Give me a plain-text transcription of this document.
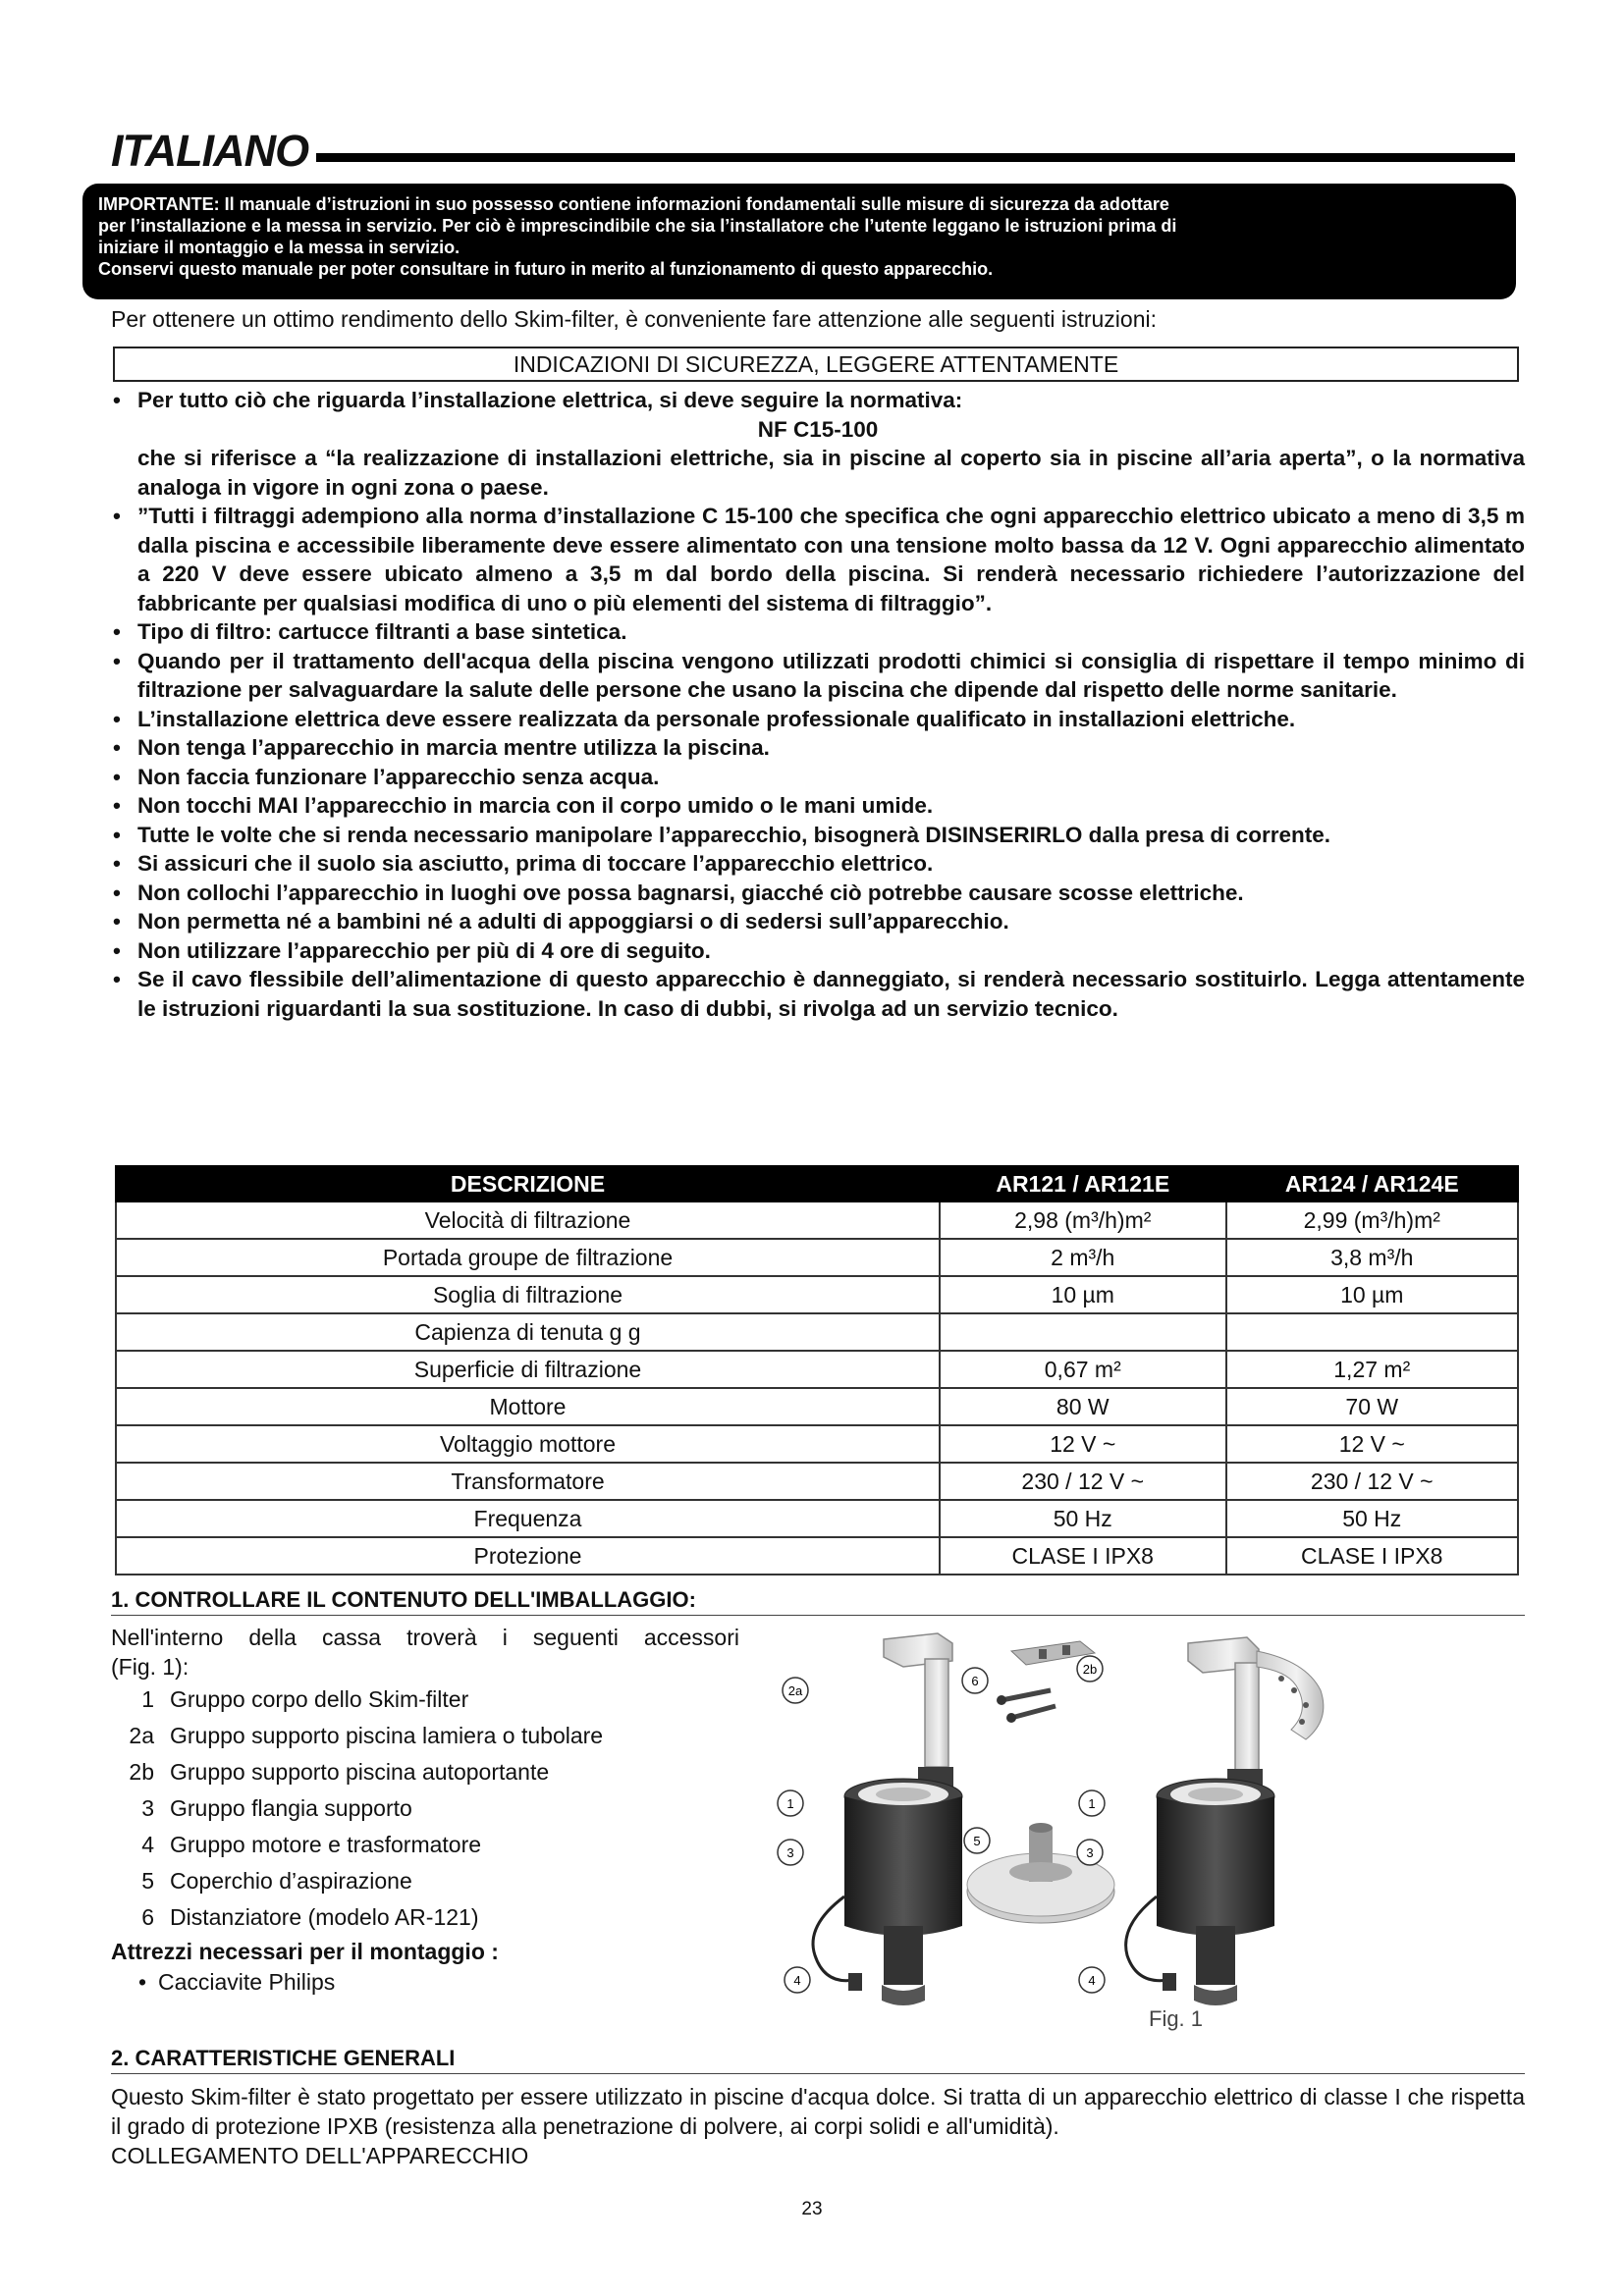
ITALIANO

IMPORTANTE: Il manuale d’istruzioni in suo possesso contiene informazioni fondamentali sulle misure di sicurezza da adottare

per l’installazione e la messa in servizio. Per ciò è imprescindibile che sia l’installatore che l’utente leggano le istruzioni prima di

iniziare il montaggio e la messa in servizio.

Conservi questo manuale per poter consultare in futuro in merito al funzionamento di questo apparecchio.

Per ottenere un ottimo rendimento dello Skim-filter, è conveniente fare attenzione alle seguenti istruzioni:
INDICAZIONI DI SICUREZZA, LEGGERE ATTENTAMENTE
• Per tutto ciò che riguarda l’installazione elettrica, si deve seguire la normativa:
NF C15-100
che si riferisce a “la realizzazione di installazioni elettriche, sia in piscine al coperto sia in piscine all’aria aperta”, o la normativa analoga in vigore in ogni zona o paese.
• ”Tutti i filtraggi adempiono alla norma d’installazione C 15-100 che specifica che ogni apparecchio elettrico ubicato a meno di 3,5 m dalla piscina e accessibile liberamente deve essere alimentato con una tensione molto bassa da 12 V. Ogni apparecchio alimentato a 220 V deve essere ubicato almeno a 3,5 m dal bordo della piscina. Si renderà necessario richiedere l’autorizzazione del fabbricante per qualsiasi modifica di uno o più elementi del sistema di filtraggio”.
• Tipo di filtro: cartucce filtranti a base sintetica.
• Quando per il trattamento dell'acqua della piscina vengono utilizzati prodotti chimici si consiglia di rispettare il tempo minimo di filtrazione per salvaguardare la salute delle persone che usano la piscina che dipende dal rispetto delle norme sanitarie.
• L’installazione elettrica deve essere realizzata da personale professionale qualificato in installazioni elettriche.
• Non tenga l’apparecchio in marcia mentre utilizza la piscina.
• Non faccia funzionare l’apparecchio senza acqua.
• Non tocchi MAI l’apparecchio in marcia con il corpo umido o le mani umide.
• Tutte le volte che si renda necessario manipolare l’apparecchio, bisognerà DISINSERIRLO dalla presa di corrente.
• Si assicuri che il suolo sia asciutto, prima di toccare l’apparecchio elettrico.
• Non collochi l’apparecchio in luoghi ove possa bagnarsi, giacché ciò potrebbe causare scosse elettriche.
• Non permetta né a bambini né a adulti di appoggiarsi o di sedersi sull’apparecchio.
• Non utilizzare l’apparecchio per più di 4 ore di seguito.
• Se il cavo flessibile dell’alimentazione di questo apparecchio è danneggiato, si renderà necessario sostituirlo. Legga attentamente le istruzioni riguardanti la sua sostituzione. In caso di dubbi, si rivolga ad un servizio tecnico.
DESCRIZIONE	AR121 / AR121E	AR124 / AR124E
Velocità di filtrazione	2,98 (m³/h)m²	2,99 (m³/h)m²
Portada groupe de filtrazione	2 m³/h	3,8 m³/h
Soglia di filtrazione	10 µm	10 µm
Capienza di tenuta g g		
Superficie di filtrazione	0,67 m²	1,27 m²
Mottore	80 W	70 W
Voltaggio mottore	12 V ~	12 V ~
Transformatore	230 / 12 V ~	230 / 12 V ~
Frequenza	50 Hz	50 Hz
Protezione	CLASE I IPX8	CLASE I IPX8
1. CONTROLLARE IL CONTENUTO DELL'IMBALLAGGIO:
Nell'interno della cassa troverà i seguenti accessori
(Fig. 1):
1 Gruppo corpo dello Skim-filter
2a Gruppo supporto piscina lamiera o tubolare
2b Gruppo supporto piscina autoportante
3 Gruppo flangia supporto
4 Gruppo motore e trasformatore
5 Coperchio d’aspirazione
6 Distanziatore (modelo AR-121)
Attrezzi necessari per il montaggio :
• Cacciavite Philips
2a
1
3
4
6
5
2b
1
3
4
Fig. 1
2. CARATTERISTICHE GENERALI

Questo Skim-filter è stato progettato per essere utilizzato in piscine d'acqua dolce. Si tratta di un apparecchio elettrico di classe I che rispetta il grado di protezione IPXB (resistenza alla penetrazione di polvere, ai corpi solidi e all'umidità).

COLLEGAMENTO DELL'APPARECCHIO

23
